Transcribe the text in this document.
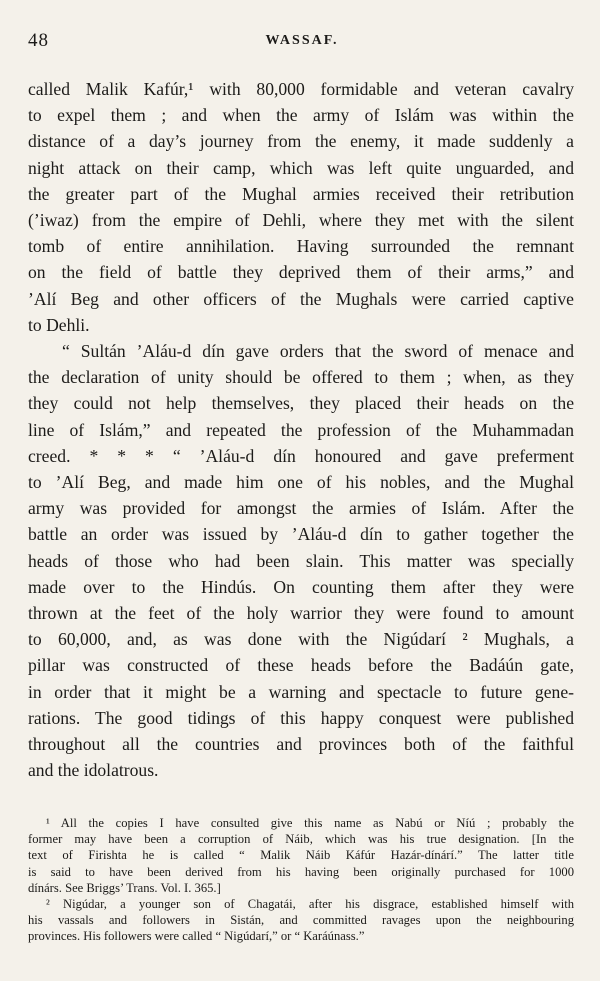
48	WASSAF.
called Malik Kafúr,¹ with 80,000 formidable and veteran cavalry
to expel them ; and when the army of Islám was within the
distance of a day’s journey from the enemy, it made suddenly a
night attack on their camp, which was left quite unguarded, and
the greater part of the Mughal armies received their retribution
(’iwaz) from the empire of Dehli, where they met with the silent
tomb of entire annihilation. Having surrounded the remnant
on the field of battle they deprived them of their arms,” and
’Alí Beg and other officers of the Mughals were carried captive
to Dehli.
“ Sultán ’Aláu-d dín gave orders that the sword of menace and
the declaration of unity should be offered to them ; when, as they
they could not help themselves, they placed their heads on the
line of Islám,” and repeated the profession of the Muhammadan
creed. * * * “ ’Aláu-d dín honoured and gave preferment
to ’Alí Beg, and made him one of his nobles, and the Mughal
army was provided for amongst the armies of Islám. After the
battle an order was issued by ’Aláu-d dín to gather together the
heads of those who had been slain. This matter was specially
made over to the Hindús. On counting them after they were
thrown at the feet of the holy warrior they were found to amount
to 60,000, and, as was done with the Nigúdarí ² Mughals, a
pillar was constructed of these heads before the Badáún gate,
in order that it might be a warning and spectacle to future gene-
rations. The good tidings of this happy conquest were published
throughout all the countries and provinces both of the faithful
and the idolatrous.
¹ All the copies I have consulted give this name as Nabú or Níú ; probably the
former may have been a corruption of Náib, which was his true designation. [In the
text of Firishta he is called “ Malik Náib Káfúr Hazár-dínárí.” The latter title
is said to have been derived from his having been originally purchased for 1000
dínárs. See Briggs’ Trans. Vol. I. 365.]
² Nigúdar, a younger son of Chagatái, after his disgrace, established himself with
his vassals and followers in Sistán, and committed ravages upon the neighbouring
provinces. His followers were called “ Nigúdarí,” or “ Karáúnass.”
